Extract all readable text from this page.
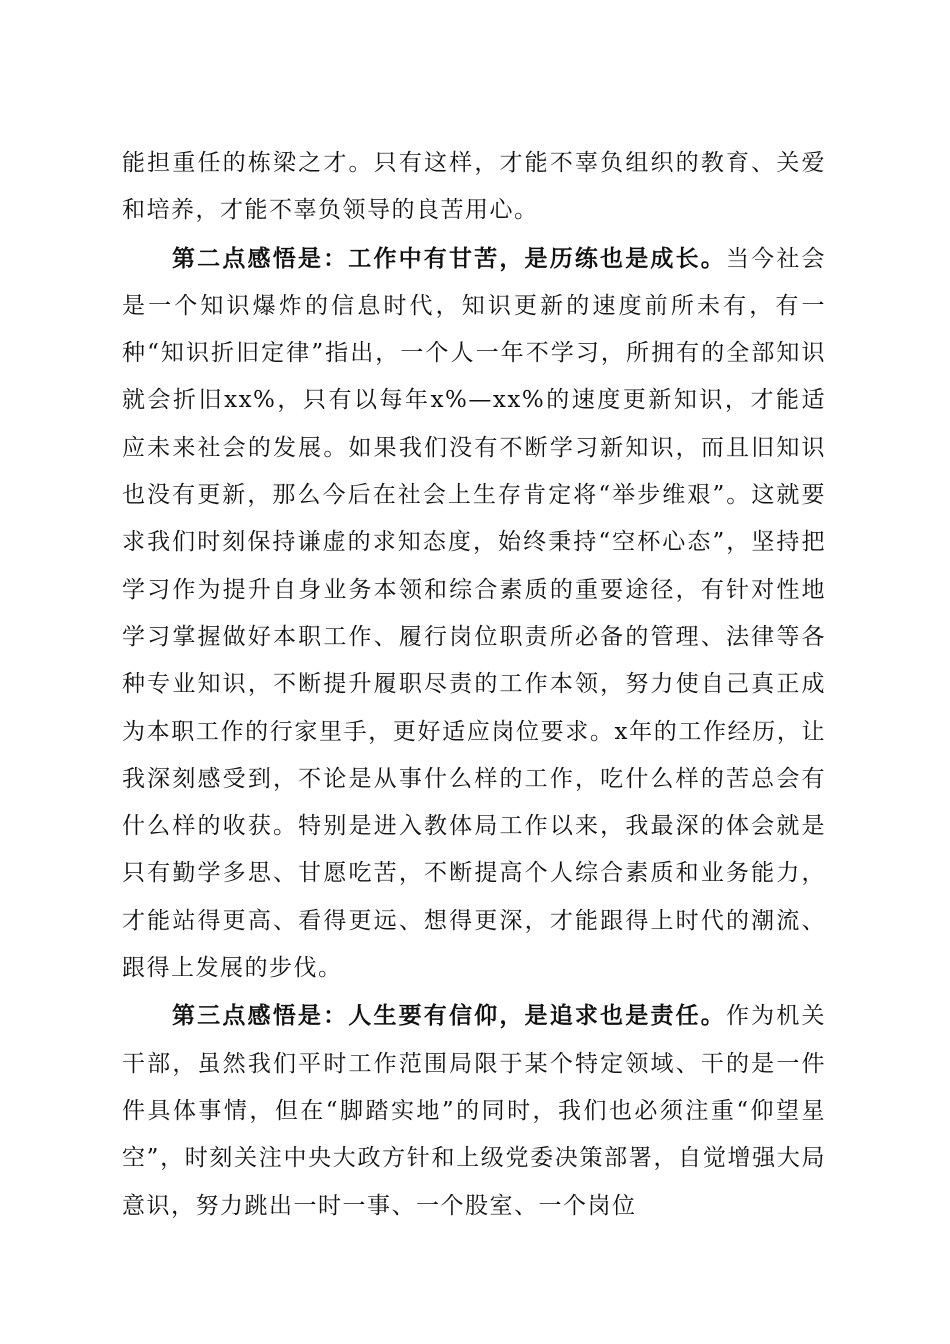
能担重任的栋梁之才。只有这样，才能不辜负组织的教育、关爱和培养，才能不辜负领导的良苦用心。

第二点感悟是：工作中有甘苦，是历练也是成长。当今社会是一个知识爆炸的信息时代，知识更新的速度前所未有，有一种“知识折旧定律”指出，一个人一年不学习，所拥有的全部知识就会折旧xx%，只有以每年x%—xx%的速度更新知识，才能适应未来社会的发展。如果我们没有不断学习新知识，而且旧知识也没有更新，那么今后在社会上生存肯定将“举步维艰”。这就要求我们时刻保持谦虚的求知态度，始终秉持“空杯心态”，坚持把学习作为提升自身业务本领和综合素质的重要途径，有针对性地学习掌握做好本职工作、履行岗位职责所必备的管理、法律等各种专业知识，不断提升履职尽责的工作本领，努力使自己真正成为本职工作的行家里手，更好适应岗位要求。x年的工作经历，让我深刻感受到，不论是从事什么样的工作，吃什么样的苦总会有什么样的收获。特别是进入教体局工作以来，我最深的体会就是只有勤学多思、甘愿吃苦，不断提高个人综合素质和业务能力，才能站得更高、看得更远、想得更深，才能跟得上时代的潮流、跟得上发展的步伐。

第三点感悟是：人生要有信仰，是追求也是责任。作为机关干部，虽然我们平时工作范围局限于某个特定领域、干的是一件件具体事情，但在“脚踏实地”的同时，我们也必须注重“仰望星空”，时刻关注中央大政方针和上级党委决策部署，自觉增强大局意识，努力跳出一时一事、一个股室、一个岗位
